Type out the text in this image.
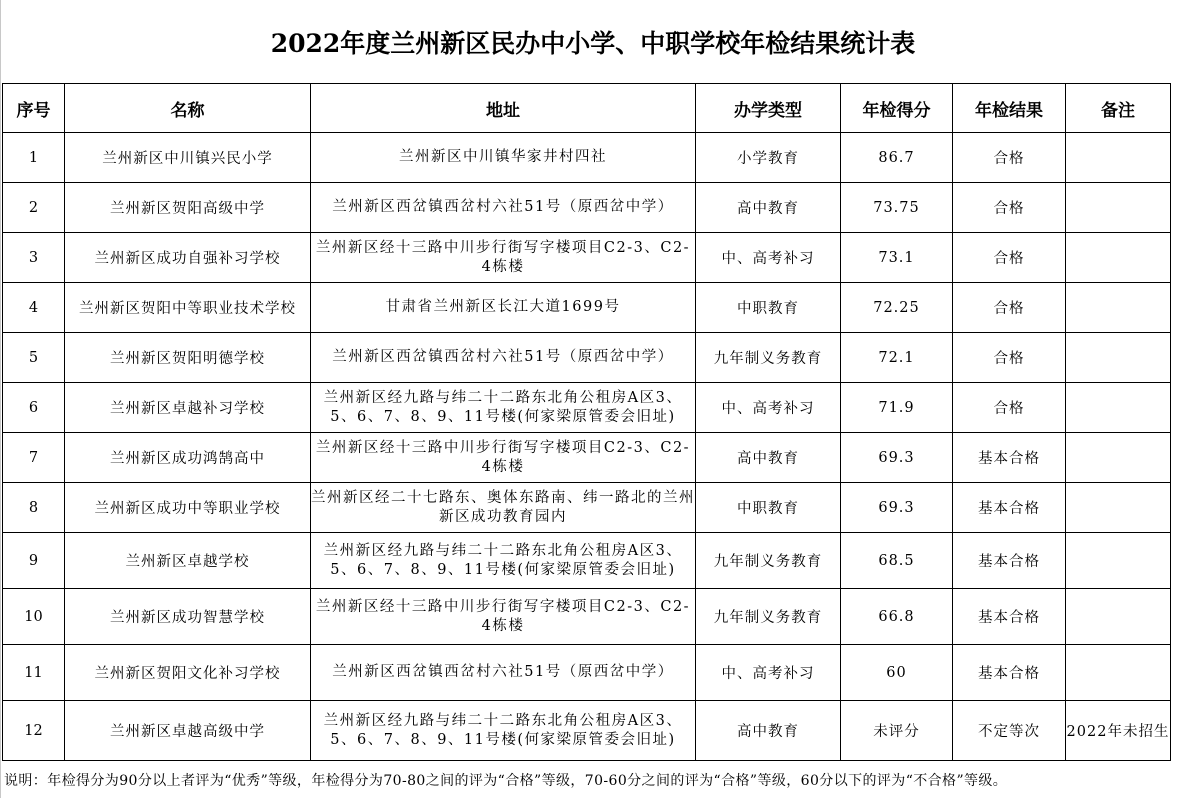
2022年度兰州新区民办中小学、中职学校年检结果统计表
序号	名称	地址	办学类型	年检得分	年检结果	备注
1	兰州新区中川镇兴民小学	兰州新区中川镇华家井村四社	小学教育	86.7	合格	
2	兰州新区贺阳高级中学	兰州新区西岔镇西岔村六社51号（原西岔中学）	高中教育	73.75	合格	
3	兰州新区成功自强补习学校	兰州新区经十三路中川步行街写字楼项目C2-3、C2-4栋楼	中、高考补习	73.1	合格	
4	兰州新区贺阳中等职业技术学校	甘肃省兰州新区长江大道1699号	中职教育	72.25	合格	
5	兰州新区贺阳明德学校	兰州新区西岔镇西岔村六社51号（原西岔中学）	九年制义务教育	72.1	合格	
6	兰州新区卓越补习学校	兰州新区经九路与纬二十二路东北角公租房A区3、5、6、7、8、9、11号楼(何家梁原管委会旧址)	中、高考补习	71.9	合格	
7	兰州新区成功鸿鹄高中	兰州新区经十三路中川步行街写字楼项目C2-3、C2-4栋楼	高中教育	69.3	基本合格	
8	兰州新区成功中等职业学校	兰州新区经二十七路东、奥体东路南、纬一路北的兰州新区成功教育园内	中职教育	69.3	基本合格	
9	兰州新区卓越学校	兰州新区经九路与纬二十二路东北角公租房A区3、5、6、7、8、9、11号楼(何家梁原管委会旧址)	九年制义务教育	68.5	基本合格	
10	兰州新区成功智慧学校	兰州新区经十三路中川步行街写字楼项目C2-3、C2-4栋楼	九年制义务教育	66.8	基本合格	
11	兰州新区贺阳文化补习学校	兰州新区西岔镇西岔村六社51号（原西岔中学）	中、高考补习	60	基本合格	
12	兰州新区卓越高级中学	兰州新区经九路与纬二十二路东北角公租房A区3、5、6、7、8、9、11号楼(何家梁原管委会旧址)	高中教育	未评分	不定等次	2022年未招生
说明：年检得分为90分以上者评为“优秀”等级，年检得分为70-80之间的评为“合格”等级，70-60分之间的评为“合格”等级，60分以下的评为“不合格”等级。
